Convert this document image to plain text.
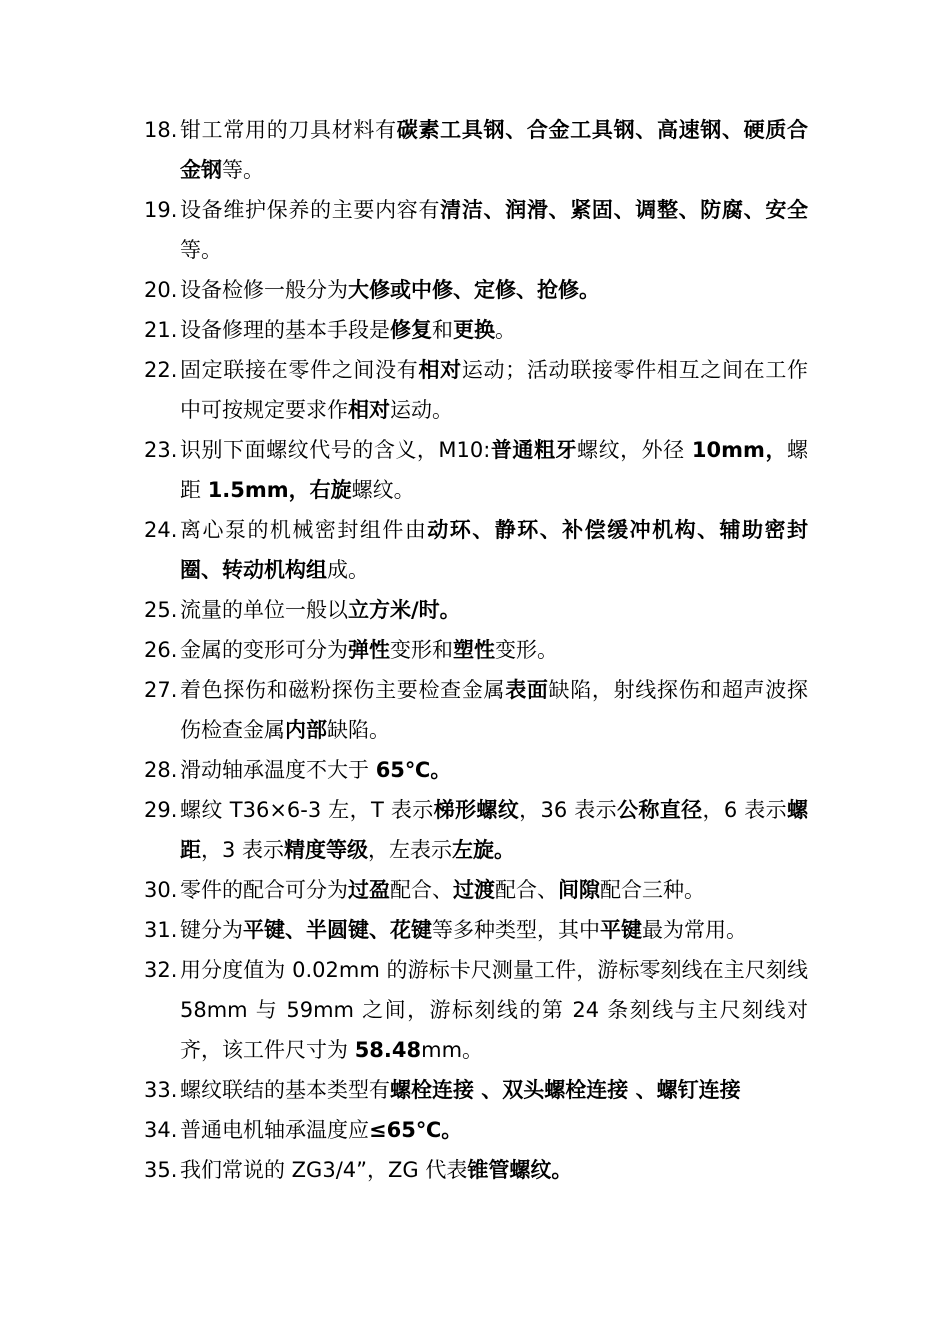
18. 钳工常用的刀具材料有碳素工具钢、合金工具钢、高速钢、硬质合金钢等。

19. 设备维护保养的主要内容有清洁、润滑、紧固、调整、防腐、安全等。

20. 设备检修一般分为大修或中修、定修、抢修。

21. 设备修理的基本手段是修复和更换。

22. 固定联接在零件之间没有相对运动；活动联接零件相互之间在工作中可按规定要求作相对运动。

23. 识别下面螺纹代号的含义，M10:普通粗牙螺纹，外径 10mm，螺距 1.5mm，右旋螺纹。

24. 离心泵的机械密封组件由动环、静环、补偿缓冲机构、辅助密封圈、转动机构组成。

25. 流量的单位一般以立方米/时。

26. 金属的变形可分为弹性变形和塑性变形。

27. 着色探伤和磁粉探伤主要检查金属表面缺陷，射线探伤和超声波探伤检查金属内部缺陷。

28. 滑动轴承温度不大于 65℃。

29. 螺纹 T36×6-3 左，T 表示梯形螺纹，36 表示公称直径，6 表示螺距，3 表示精度等级，左表示左旋。

30. 零件的配合可分为过盈配合、过渡配合、间隙配合三种。

31. 键分为平键、半圆键、花键等多种类型，其中平键最为常用。

32. 用分度值为 0.02mm 的游标卡尺测量工件，游标零刻线在主尺刻线 58mm 与 59mm 之间，游标刻线的第 24 条刻线与主尺刻线对齐，该工件尺寸为 58.48mm。

33. 螺纹联结的基本类型有螺栓连接 、双头螺栓连接 、螺钉连接

34. 普通电机轴承温度应≤65℃。

35. 我们常说的 ZG3/4”，ZG 代表锥管螺纹。
